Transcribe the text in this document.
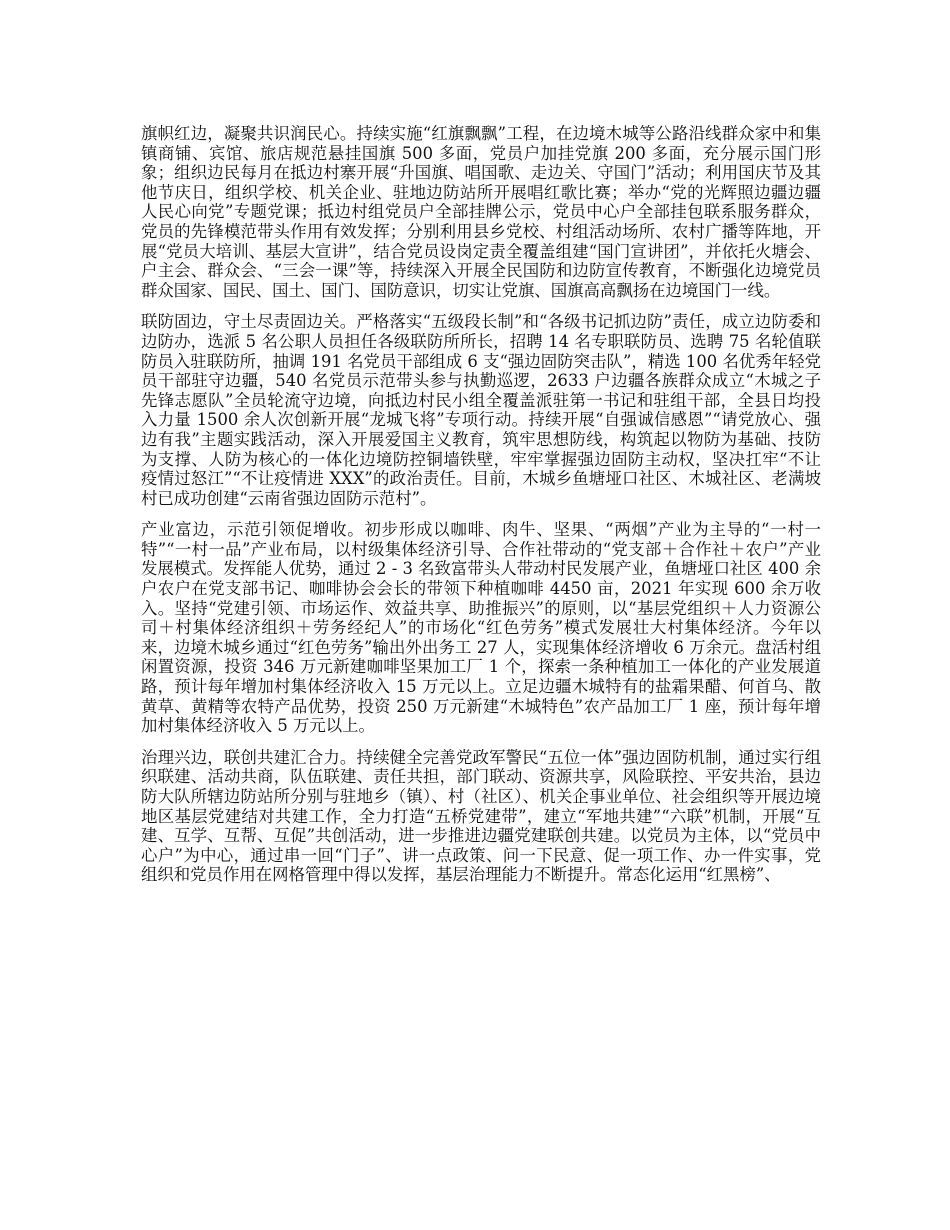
旗帜红边，凝聚共识润民心。持续实施“红旗飘飘”工程，在边境木城等公路沿线群众家中和集镇商铺、宾馆、旅店规范悬挂国旗 500 多面，党员户加挂党旗 200 多面，充分展示国门形象；组织边民每月在抵边村寨开展“升国旗、唱国歌、走边关、守国门”活动；利用国庆节及其他节庆日，组织学校、机关企业、驻地边防站所开展唱红歌比赛；举办“党的光辉照边疆边疆人民心向党”专题党课；抵边村组党员户全部挂牌公示，党员中心户全部挂包联系服务群众，党员的先锋模范带头作用有效发挥；分别利用县乡党校、村组活动场所、农村广播等阵地，开展“党员大培训、基层大宣讲”，结合党员设岗定责全覆盖组建“国门宣讲团”，并依托火塘会、户主会、群众会、“三会一课”等，持续深入开展全民国防和边防宣传教育，不断强化边境党员群众国家、国民、国土、国门、国防意识，切实让党旗、国旗高高飘扬在边境国门一线。

联防固边，守土尽责固边关。严格落实“五级段长制”和“各级书记抓边防”责任，成立边防委和边防办，选派 5 名公职人员担任各级联防所所长，招聘 14 名专职联防员、选聘 75 名轮值联防员入驻联防所，抽调 191 名党员干部组成 6 支“强边固防突击队”，精选 100 名优秀年轻党员干部驻守边疆，540 名党员示范带头参与执勤巡逻，2633 户边疆各族群众成立“木城之子先锋志愿队”全员轮流守边境，向抵边村民小组全覆盖派驻第一书记和驻组干部，全县日均投入力量 1500 余人次创新开展“龙城飞将”专项行动。持续开展“自强诚信感恩”“请党放心、强边有我”主题实践活动，深入开展爱国主义教育，筑牢思想防线，构筑起以物防为基础、技防为支撑、人防为核心的一体化边境防控铜墙铁壁，牢牢掌握强边固防主动权，坚决扛牢“不让疫情过怒江”“不让疫情进 XXX”的政治责任。目前，木城乡鱼塘垭口社区、木城社区、老满坡村已成功创建“云南省强边固防示范村”。

产业富边，示范引领促增收。初步形成以咖啡、肉牛、坚果、“两烟”产业为主导的“一村一特”“一村一品”产业布局，以村级集体经济引导、合作社带动的“党支部＋合作社＋农户”产业发展模式。发挥能人优势，通过 2 - 3 名致富带头人带动村民发展产业，鱼塘垭口社区 400 余户农户在党支部书记、咖啡协会会长的带领下种植咖啡 4450 亩，2021 年实现 600 余万收入。坚持“党建引领、市场运作、效益共享、助推振兴”的原则，以“基层党组织＋人力资源公司＋村集体经济组织＋劳务经纪人”的市场化“红色劳务”模式发展壮大村集体经济。今年以来，边境木城乡通过“红色劳务”输出外出务工 27 人，实现集体经济增收 6 万余元。盘活村组闲置资源，投资 346 万元新建咖啡坚果加工厂 1 个，探索一条种植加工一体化的产业发展道路，预计每年增加村集体经济收入 15 万元以上。立足边疆木城特有的盐霜果醋、何首乌、散黄草、黄精等农特产品优势，投资 250 万元新建“木城特色”农产品加工厂 1 座，预计每年增加村集体经济收入 5 万元以上。

治理兴边，联创共建汇合力。持续健全完善党政军警民“五位一体”强边固防机制，通过实行组织联建、活动共商，队伍联建、责任共担，部门联动、资源共享，风险联控、平安共治，县边防大队所辖边防站所分别与驻地乡（镇）、村（社区）、机关企事业单位、社会组织等开展边境地区基层党建结对共建工作，全力打造“五桥党建带”，建立“军地共建”“六联”机制，开展“互建、互学、互帮、互促”共创活动，进一步推进边疆党建联创共建。以党员为主体，以“党员中心户”为中心，通过串一回“门子”、讲一点政策、问一下民意、促一项工作、办一件实事，党组织和党员作用在网格管理中得以发挥，基层治理能力不断提升。常态化运用“红黑榜”、
